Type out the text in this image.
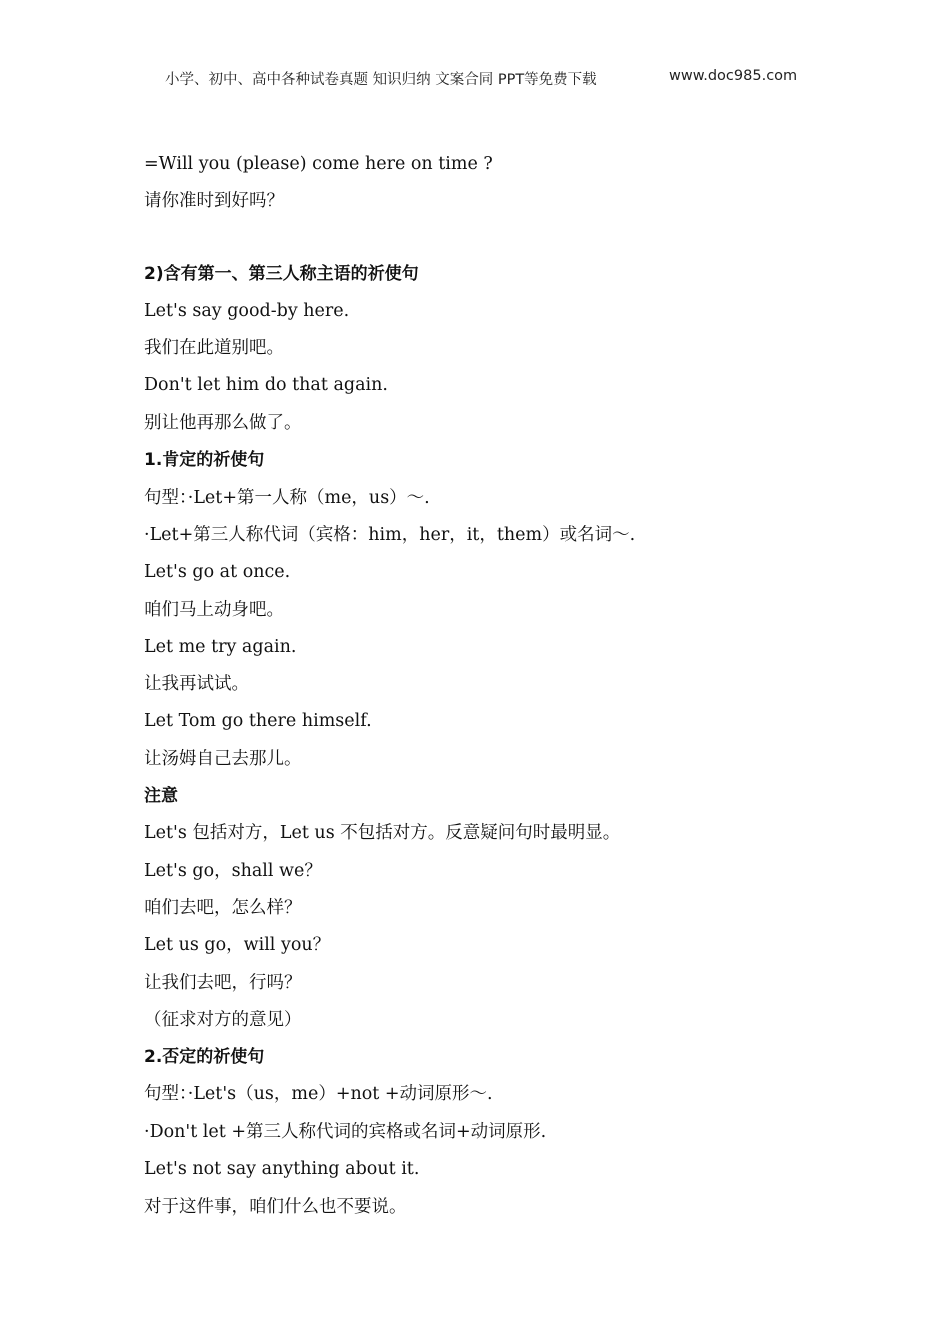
小学、初中、高中各种试卷真题 知识归纳 文案合同 PPT等免费下载	www.doc985.com
=Will you (please) come here on time ?
请你准时到好吗？
2)含有第一、第三人称主语的祈使句
Let's say good-by here.
我们在此道别吧。
Don't let him do that again.
别让他再那么做了。
1.肯定的祈使句
句型：·Let+第一人称（me，us）～.
·Let+第三人称代词（宾格：him，her，it，them）或名词～.
Let's go at once.
咱们马上动身吧。
Let me try again.
让我再试试。
Let Tom go there himself.
让汤姆自己去那儿。
注意
Let's 包括对方，Let us 不包括对方。反意疑问句时最明显。
Let's go，shall we？
咱们去吧，怎么样？
Let us go，will you？
让我们去吧，行吗？
（征求对方的意见）
2.否定的祈使句
句型：·Let's（us，me）+not +动词原形～.
·Don't let +第三人称代词的宾格或名词+动词原形.
Let's not say anything about it.
对于这件事，咱们什么也不要说。
